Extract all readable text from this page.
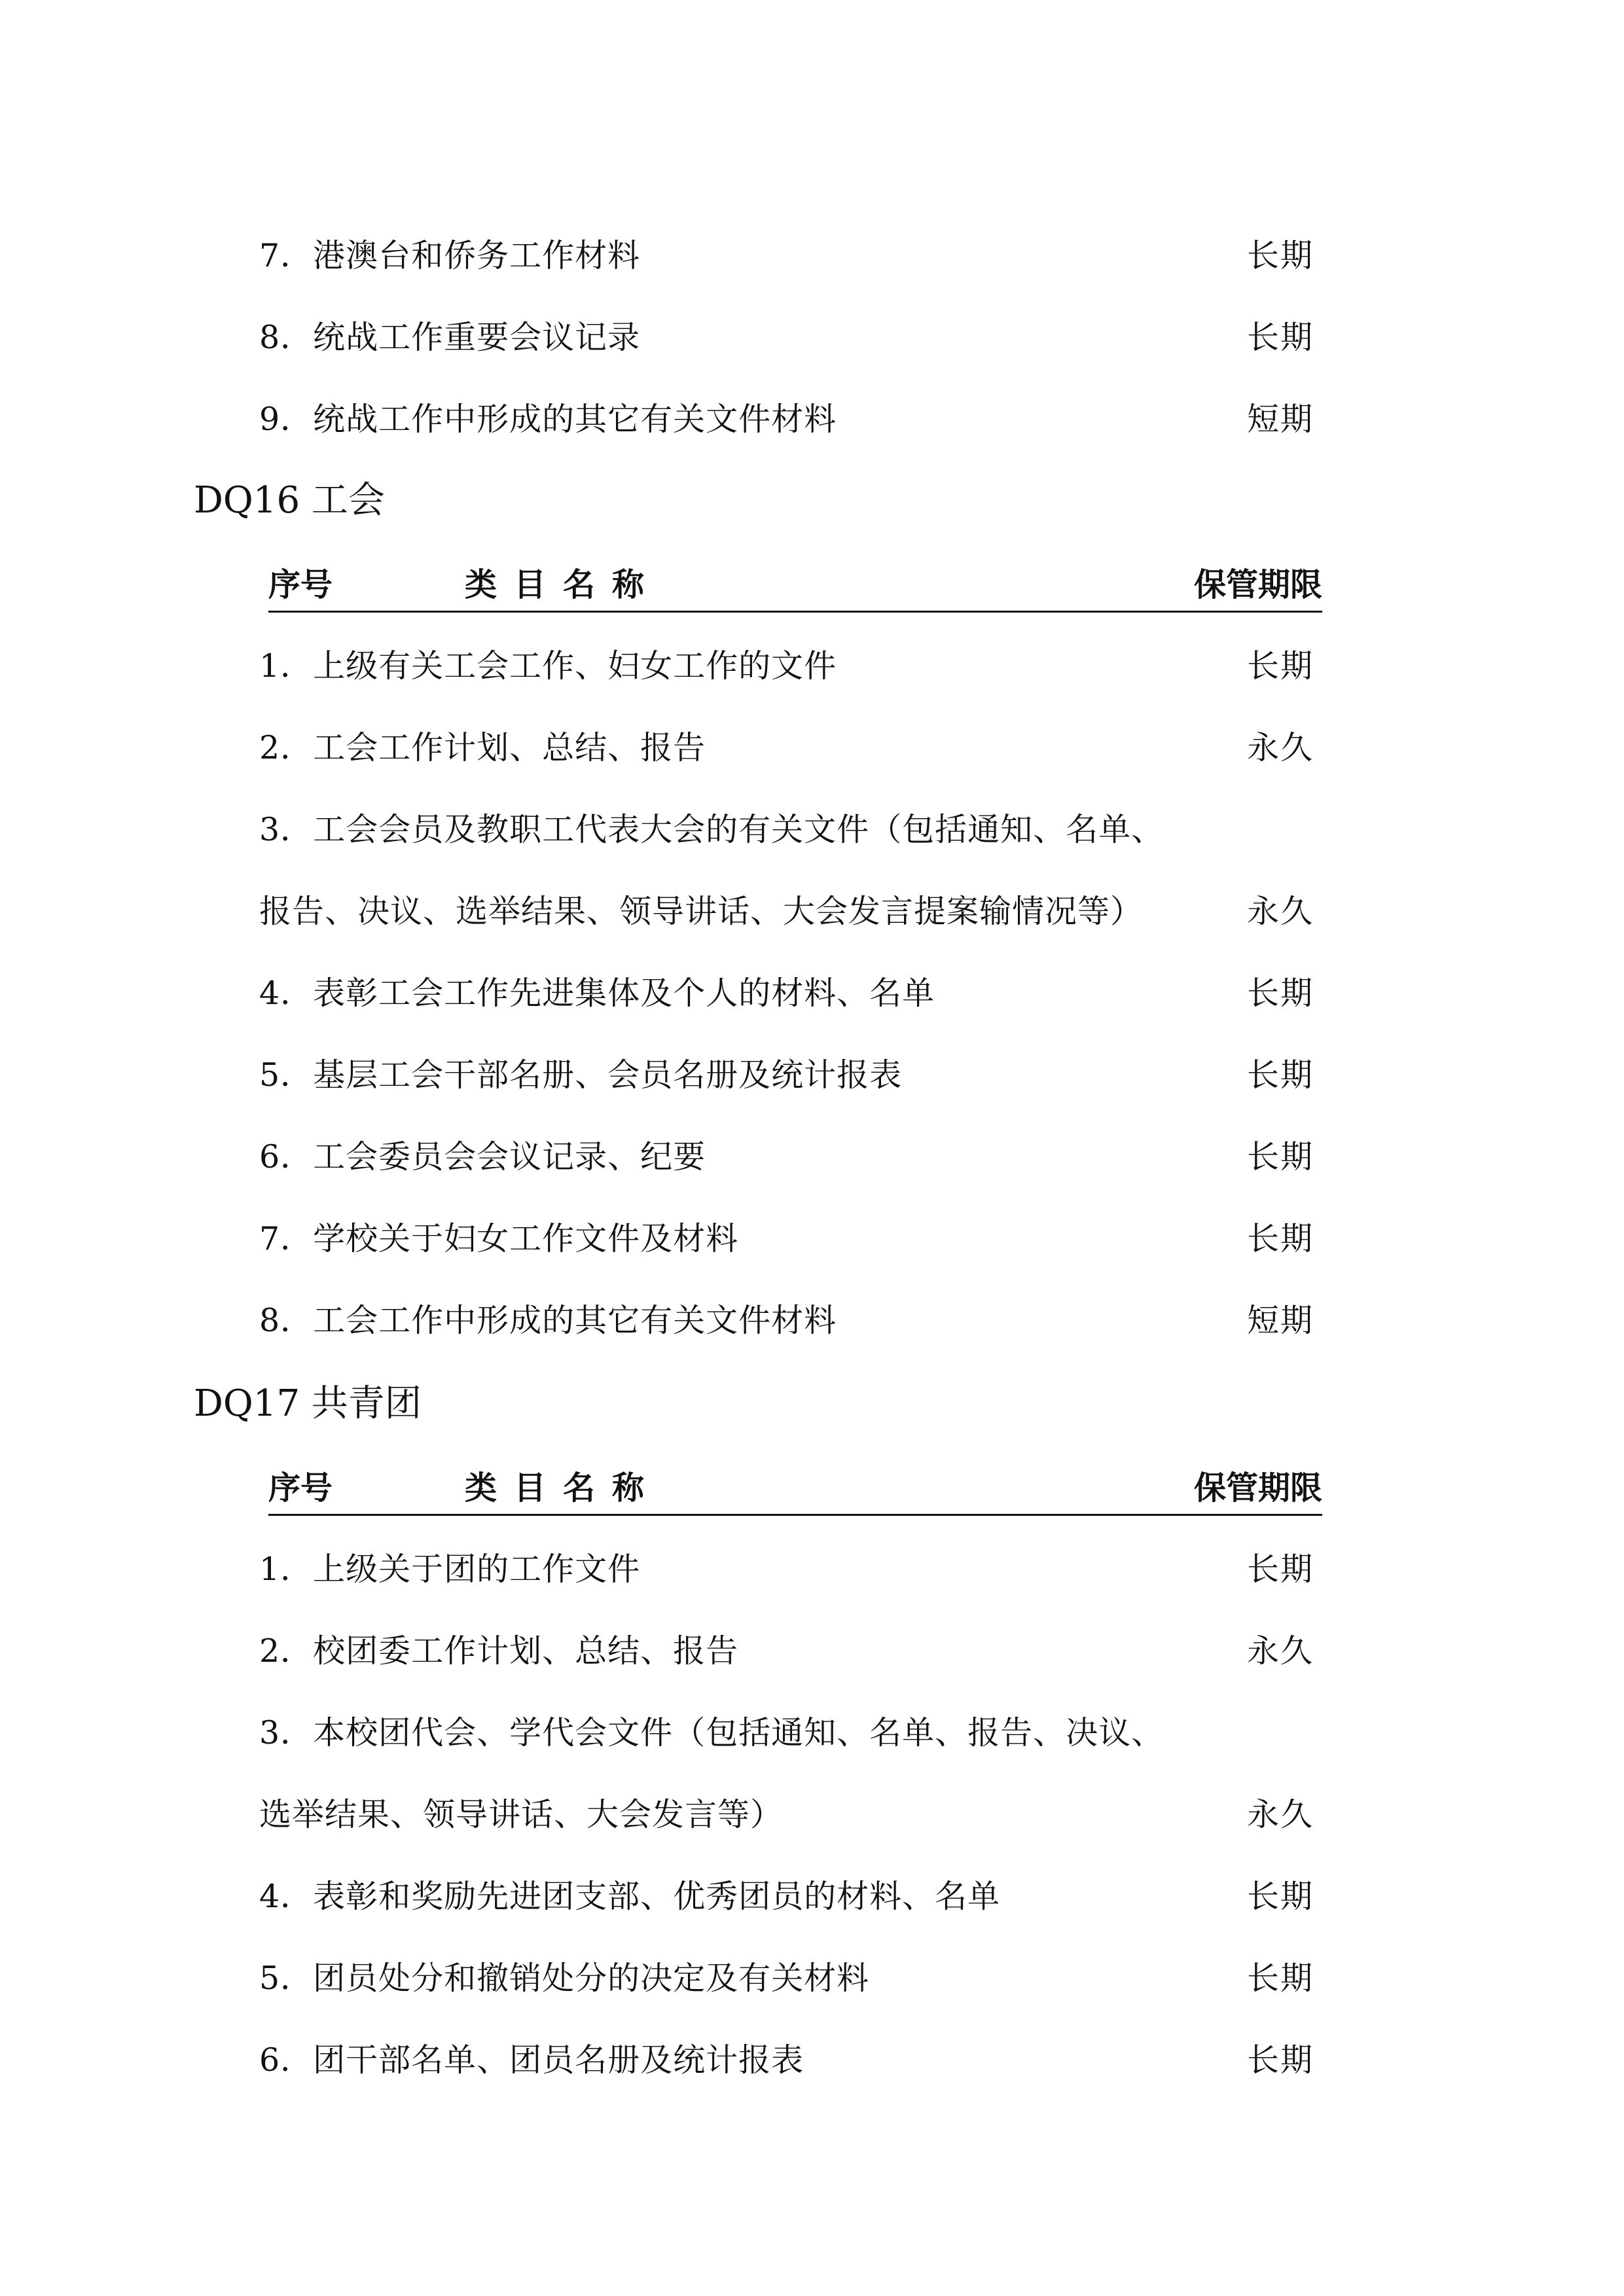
7．港澳台和侨务工作材料	长期
8．统战工作重要会议记录	长期
9．统战工作中形成的其它有关文件材料	短期
DQ16 工会
序号	类目名称	保管期限
1．上级有关工会工作、妇女工作的文件	长期
2．工会工作计划、总结、报告	永久
3．工会会员及教职工代表大会的有关文件（包括通知、名单、
报告、决议、选举结果、领导讲话、大会发言提案输情况等）	永久
4．表彰工会工作先进集体及个人的材料、名单	长期
5．基层工会干部名册、会员名册及统计报表	长期
6．工会委员会会议记录、纪要	长期
7．学校关于妇女工作文件及材料	长期
8．工会工作中形成的其它有关文件材料	短期
DQ17 共青团
序号	类目名称	保管期限
1．上级关于团的工作文件	长期
2．校团委工作计划、总结、报告	永久
3．本校团代会、学代会文件（包括通知、名单、报告、决议、
选举结果、领导讲话、大会发言等）	永久
4．表彰和奖励先进团支部、优秀团员的材料、名单	长期
5．团员处分和撤销处分的决定及有关材料	长期
6．团干部名单、团员名册及统计报表	长期
